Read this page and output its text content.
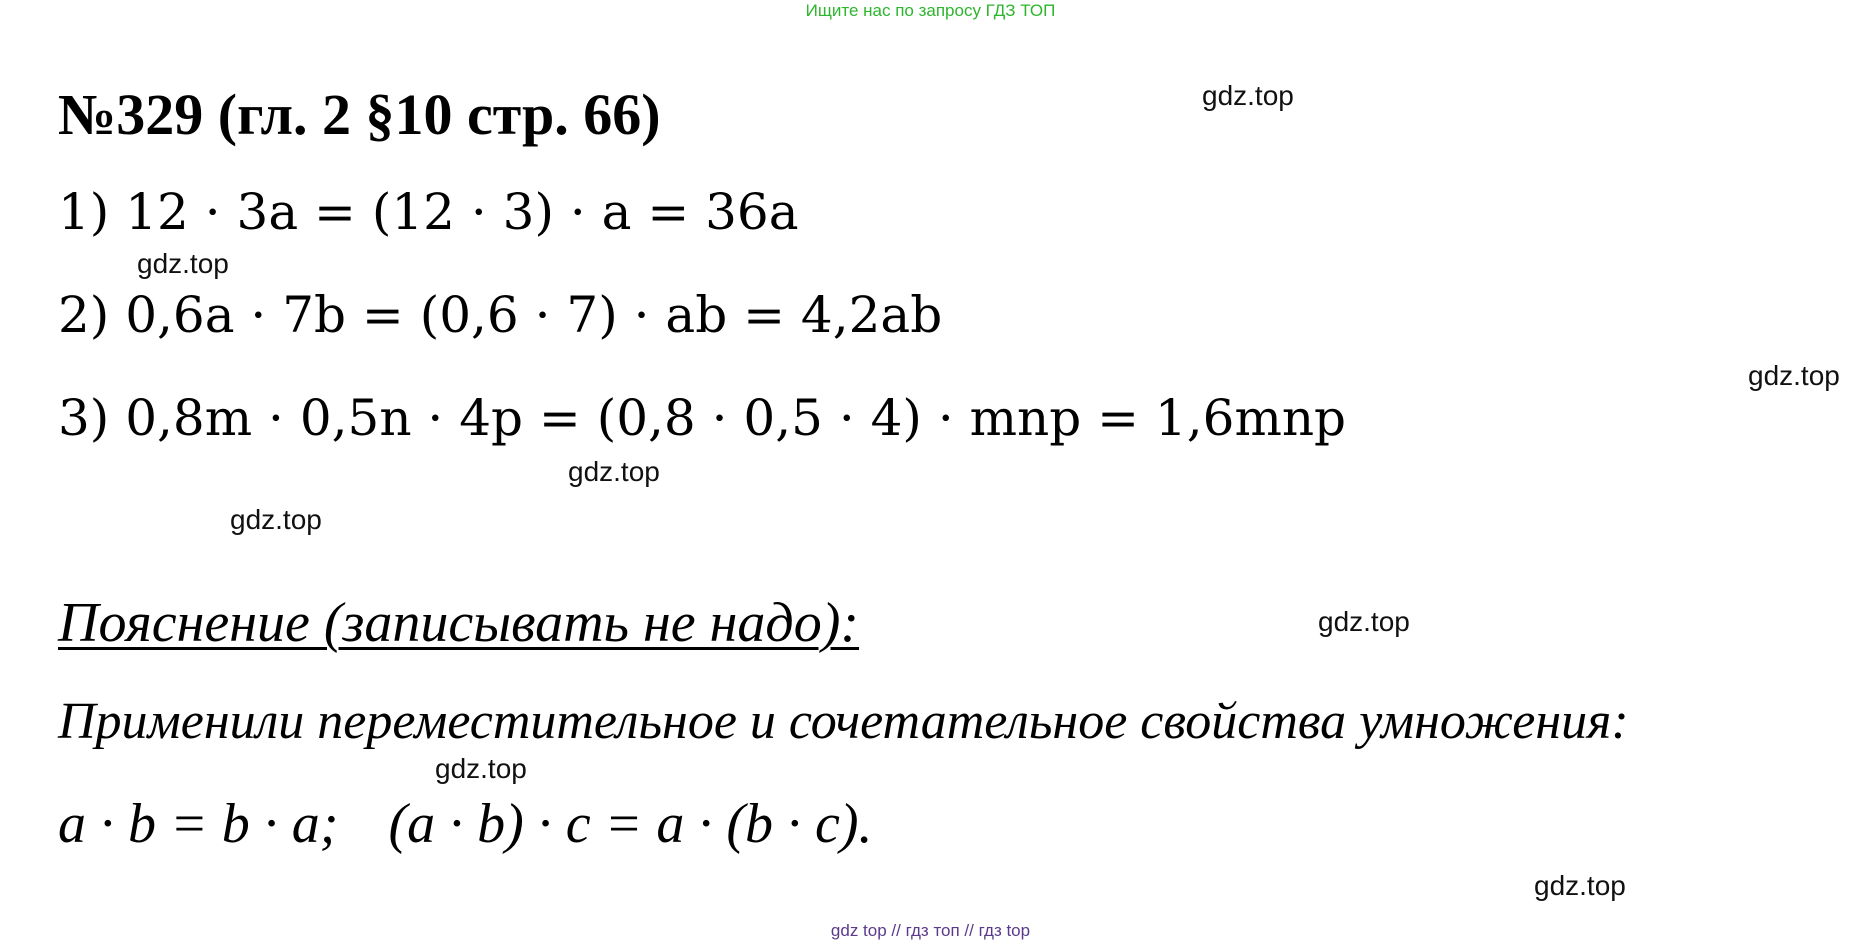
Ищите нас по запросу ГДЗ ТОП
№329 (гл. 2 §10 стр. 66)	gdz.top
1) 12 · 3a = (12 · 3) · a = 36a
gdz.top
2) 0,6a · 7b = (0,6 · 7) · ab = 4,2ab
gdz.top
3) 0,8m · 0,5n · 4p = (0,8 · 0,5 · 4) · mnp = 1,6mnp
gdz.top
gdz.top
Пояснение (записывать не надо):	gdz.top
Применили переместительное и сочетательное свойства умножения:
gdz.top
a · b = b · a; (a · b) · c = a · (b · c).
gdz.top
gdz top // гдз топ // гдз top
